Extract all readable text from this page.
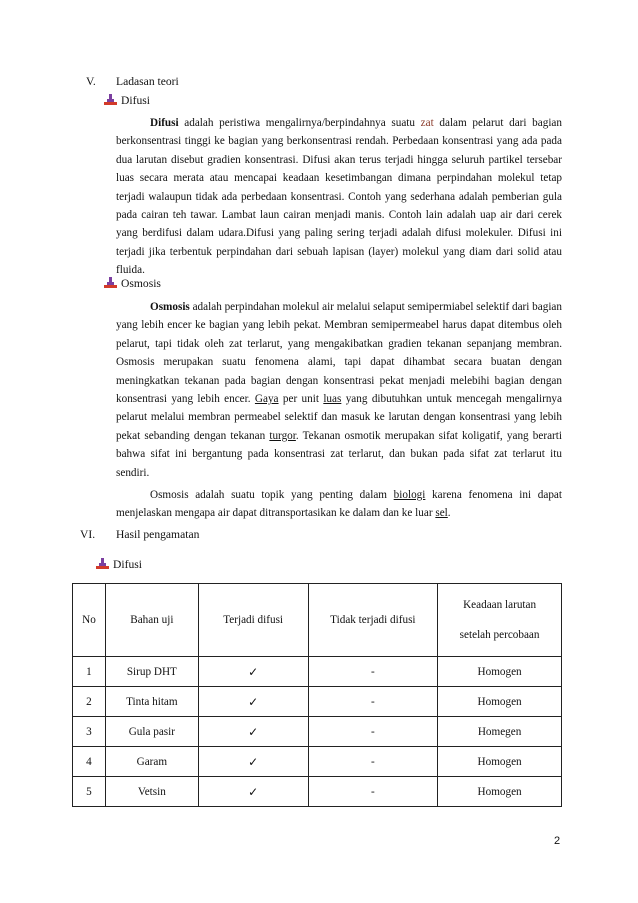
V. Ladasan teori
Difusi

Difusi adalah peristiwa mengalirnya/berpindahnya suatu zat dalam pelarut dari bagian berkonsentrasi tinggi ke bagian yang berkonsentrasi rendah. Perbedaan konsentrasi yang ada pada dua larutan disebut gradien konsentrasi. Difusi akan terus terjadi hingga seluruh partikel tersebar luas secara merata atau mencapai keadaan kesetimbangan dimana perpindahan molekul tetap terjadi walaupun tidak ada perbedaan konsentrasi. Contoh yang sederhana adalah pemberian gula pada cairan teh tawar. Lambat laun cairan menjadi manis. Contoh lain adalah uap air dari cerek yang berdifusi dalam udara.Difusi yang paling sering terjadi adalah difusi molekuler. Difusi ini terjadi jika terbentuk perpindahan dari sebuah lapisan (layer) molekul yang diam dari solid atau fluida.

Osmosis

Osmosis adalah perpindahan molekul air melalui selaput semipermiabel selektif dari bagian yang lebih encer ke bagian yang lebih pekat. Membran semipermeabel harus dapat ditembus oleh pelarut, tapi tidak oleh zat terlarut, yang mengakibatkan gradien tekanan sepanjang membran. Osmosis merupakan suatu fenomena alami, tapi dapat dihambat secara buatan dengan meningkatkan tekanan pada bagian dengan konsentrasi pekat menjadi melebihi bagian dengan konsentrasi yang lebih encer. Gaya per unit luas yang dibutuhkan untuk mencegah mengalirnya pelarut melalui membran permeabel selektif dan masuk ke larutan dengan konsentrasi yang lebih pekat sebanding dengan tekanan turgor. Tekanan osmotik merupakan sifat koligatif, yang berarti bahwa sifat ini bergantung pada konsentrasi zat terlarut, dan bukan pada sifat zat terlarut itu sendiri.

Osmosis adalah suatu topik yang penting dalam biologi karena fenomena ini dapat menjelaskan mengapa air dapat ditransportasikan ke dalam dan ke luar sel.

VI. Hasil pengamatan
Difusi
No	Bahan uji	Terjadi difusi	Tidak terjadi difusi	Keadaan larutan
setelah percobaan

1	Sirup DHT	✓	-	Homogen
2	Tinta hitam	✓	-	Homogen
3	Gula pasir	✓	-	Homegen
4	Garam	✓	-	Homogen
5	Vetsin	✓	-	Homogen
2
